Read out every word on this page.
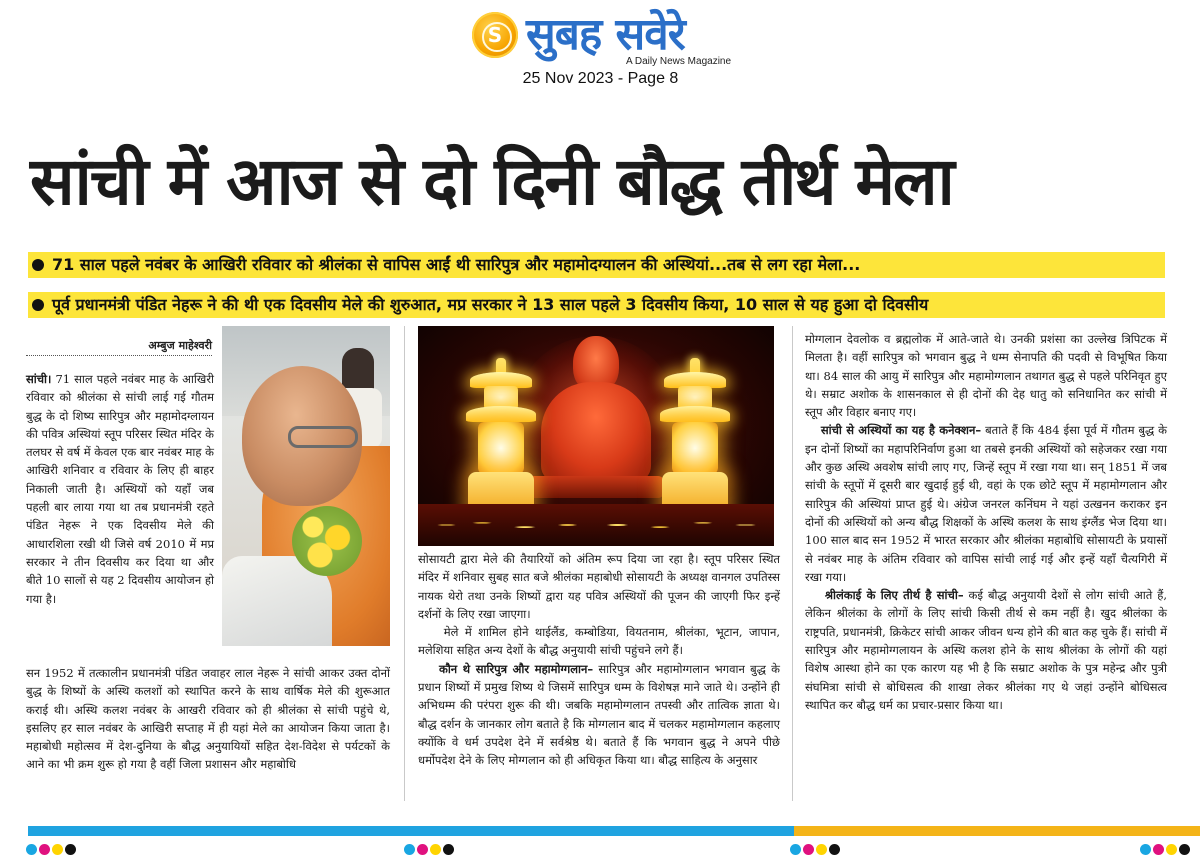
S सुबह सवेरे
A Daily News Magazine
25 Nov 2023 - Page 8
सांची में आज से दो दिनी बौद्ध तीर्थ मेला
71 साल पहले नवंबर के आखिरी रविवार को श्रीलंका से वापिस आईं थी सारिपुत्र और महामोदग्यालन की अस्थियां...तब से लग रहा मेला...
पूर्व प्रधानमंत्री पंडित नेहरू ने की थी एक दिवसीय मेले की शुरुआत, मप्र सरकार ने 13 साल पहले 3 दिवसीय किया, 10 साल से यह हुआ दो दिवसीय
अम्बुज माहेश्वरी

सांची। 71 साल पहले नवंबर माह के आखिरी रविवार को श्रीलंका से सांची लाई गई गौतम बुद्ध के दो शिष्य सारिपुत्र और महामोदग्लायन की पवित्र अस्थियां स्तूप परिसर स्थित मंदिर के तलघर से वर्ष में केवल एक बार नवंबर माह के आखिरी शनिवार व रविवार के लिए ही बाहर निकाली जाती है। अस्थियों को यहाँ जब पहली बार लाया गया था तब प्रधानमंत्री रहते पंडित नेहरू ने एक दिवसीय मेले की आधारशिला रखी थी जिसे वर्ष 2010 में मप्र सरकार ने तीन दिवसीय कर दिया था और बीते 10 सालों से यह 2 दिवसीय आयोजन हो गया है।

सन 1952 में तत्कालीन प्रधानमंत्री पंडित जवाहर लाल नेहरू ने सांची आकर उक्त दोनों बुद्ध के शिष्यों के अस्थि कलशों को स्थापित करने के साथ वार्षिक मेले की शुरूआत कराई थी। अस्थि कलश नवंबर के आखरी रविवार को ही श्रीलंका से सांची पहुंचे थे, इसलिए हर साल नवंबर के आखिरी सप्ताह में ही यहां मेले का आयोजन किया जाता है। महाबोधी महोत्सव में देश-दुनिया के बौद्ध अनुयायियों सहित देश-विदेश से पर्यटकों के आने का भी क्रम शुरू हो गया है वहीं जिला प्रशासन और महाबोधि

सोसायटी द्वारा मेले की तैयारियों को अंतिम रूप दिया जा रहा है। स्तूप परिसर स्थित मंदिर में शनिवार सुबह सात बजे श्रीलंका महाबोधी सोसायटी के अध्यक्ष वानगल उपतिस्स नायक थेरो तथा उनके शिष्यों द्वारा यह पवित्र अस्थियों की पूजन की जाएगी फिर इन्हें दर्शनों के लिए रखा जाएगा।

मेले में शामिल होने थाईलैंड, कम्बोडिया, वियतनाम, श्रीलंका, भूटान, जापान, मलेशिया सहित अन्य देशों के बौद्ध अनुयायी सांची पहुंचने लगे हैं।

कौन थे सारिपुत्र और महामोग्गलान– सारिपुत्र और महामोग्गलान भगवान बुद्ध के प्रधान शिष्यों में प्रमुख शिष्य थे जिसमें सारिपुत्र धम्म के विशेषज्ञ माने जाते थे। उन्होंने ही अभिधम्म की परंपरा शुरू की थी। जबकि महामोग्गलान तपस्वी और तात्विक ज्ञाता थे। बौद्ध दर्शन के जानकार लोग बताते है कि मोग्गलान बाद में चलकर महामोग्गलान कहलाए क्योंकि वे धर्म उपदेश देने में सर्वश्रेष्ठ थे। बताते हैं कि भगवान बुद्ध ने अपने पीछे धर्मोपदेश देने के लिए मोग्गलान को ही अधिकृत किया था। बौद्ध साहित्य के अनुसार

मोग्गलान देवलोक व ब्रह्मलोक में आते-जाते थे। उनकी प्रशंसा का उल्लेख त्रिपिटक में मिलता है। वहीं सारिपुत्र को भगवान बुद्ध ने धम्म सेनापति की पदवी से विभूषित किया था। 84 साल की आयु में सारिपुत्र और महामोग्गलान तथागत बुद्ध से पहले परिनिवृत हुए थे। सम्राट अशोक के शासनकाल से ही दोनों की देह धातु को सनिधानित कर सांची में स्तूप और विहार बनाए गए।

सांची से अस्थियों का यह है कनेक्शन– बताते हैं कि 484 ईसा पूर्व में गौतम बुद्ध के इन दोनों शिष्यों का महापरिनिर्वाण हुआ था तबसे इनकी अस्थियों को सहेजकर रखा गया और कुछ अस्थि अवशेष सांची लाए गए, जिन्हें स्तूप में रखा गया था। सन् 1851 में जब सांची के स्तूपों में दूसरी बार खुदाई हुई थी, वहां के एक छोटे स्तूप में महामोग्गलान और सारिपुत्र की अस्थियां प्राप्त हुई थे। अंग्रेज जनरल कनिंघम ने यहां उत्खनन कराकर इन दोनों की अस्थियों को अन्य बौद्ध शिक्षकों के अस्थि कलश के साथ इंग्लैंड भेज दिया था। 100 साल बाद सन 1952 में भारत सरकार और श्रीलंका महाबोधि सोसायटी के प्रयासों से नवंबर माह के अंतिम रविवार को वापिस सांची लाई गई और इन्हें यहाँ चैत्यगिरी में रखा गया।

श्रीलंकाई के लिए तीर्थ है सांची– कई बौद्ध अनुयायी देशों से लोग सांची आते हैं, लेकिन श्रीलंका के लोगों के लिए सांची किसी तीर्थ से कम नहीं है। खुद श्रीलंका के राष्ट्रपति, प्रधानमंत्री, क्रिकेटर सांची आकर जीवन धन्य होने की बात कह चुके हैं। सांची में सारिपुत्र और महामोग्गलायन के अस्थि कलश होने के साथ श्रीलंका के लोगों की यहां विशेष आस्था होने का एक कारण यह भी है कि सम्राट अशोक के पुत्र महेन्द्र और पुत्री संघमित्रा सांची से बोधिसत्व की शाखा लेकर श्रीलंका गए थे जहां उन्होंने बोधिसत्व स्थापित कर बौद्ध धर्म का प्रचार-प्रसार किया था।
